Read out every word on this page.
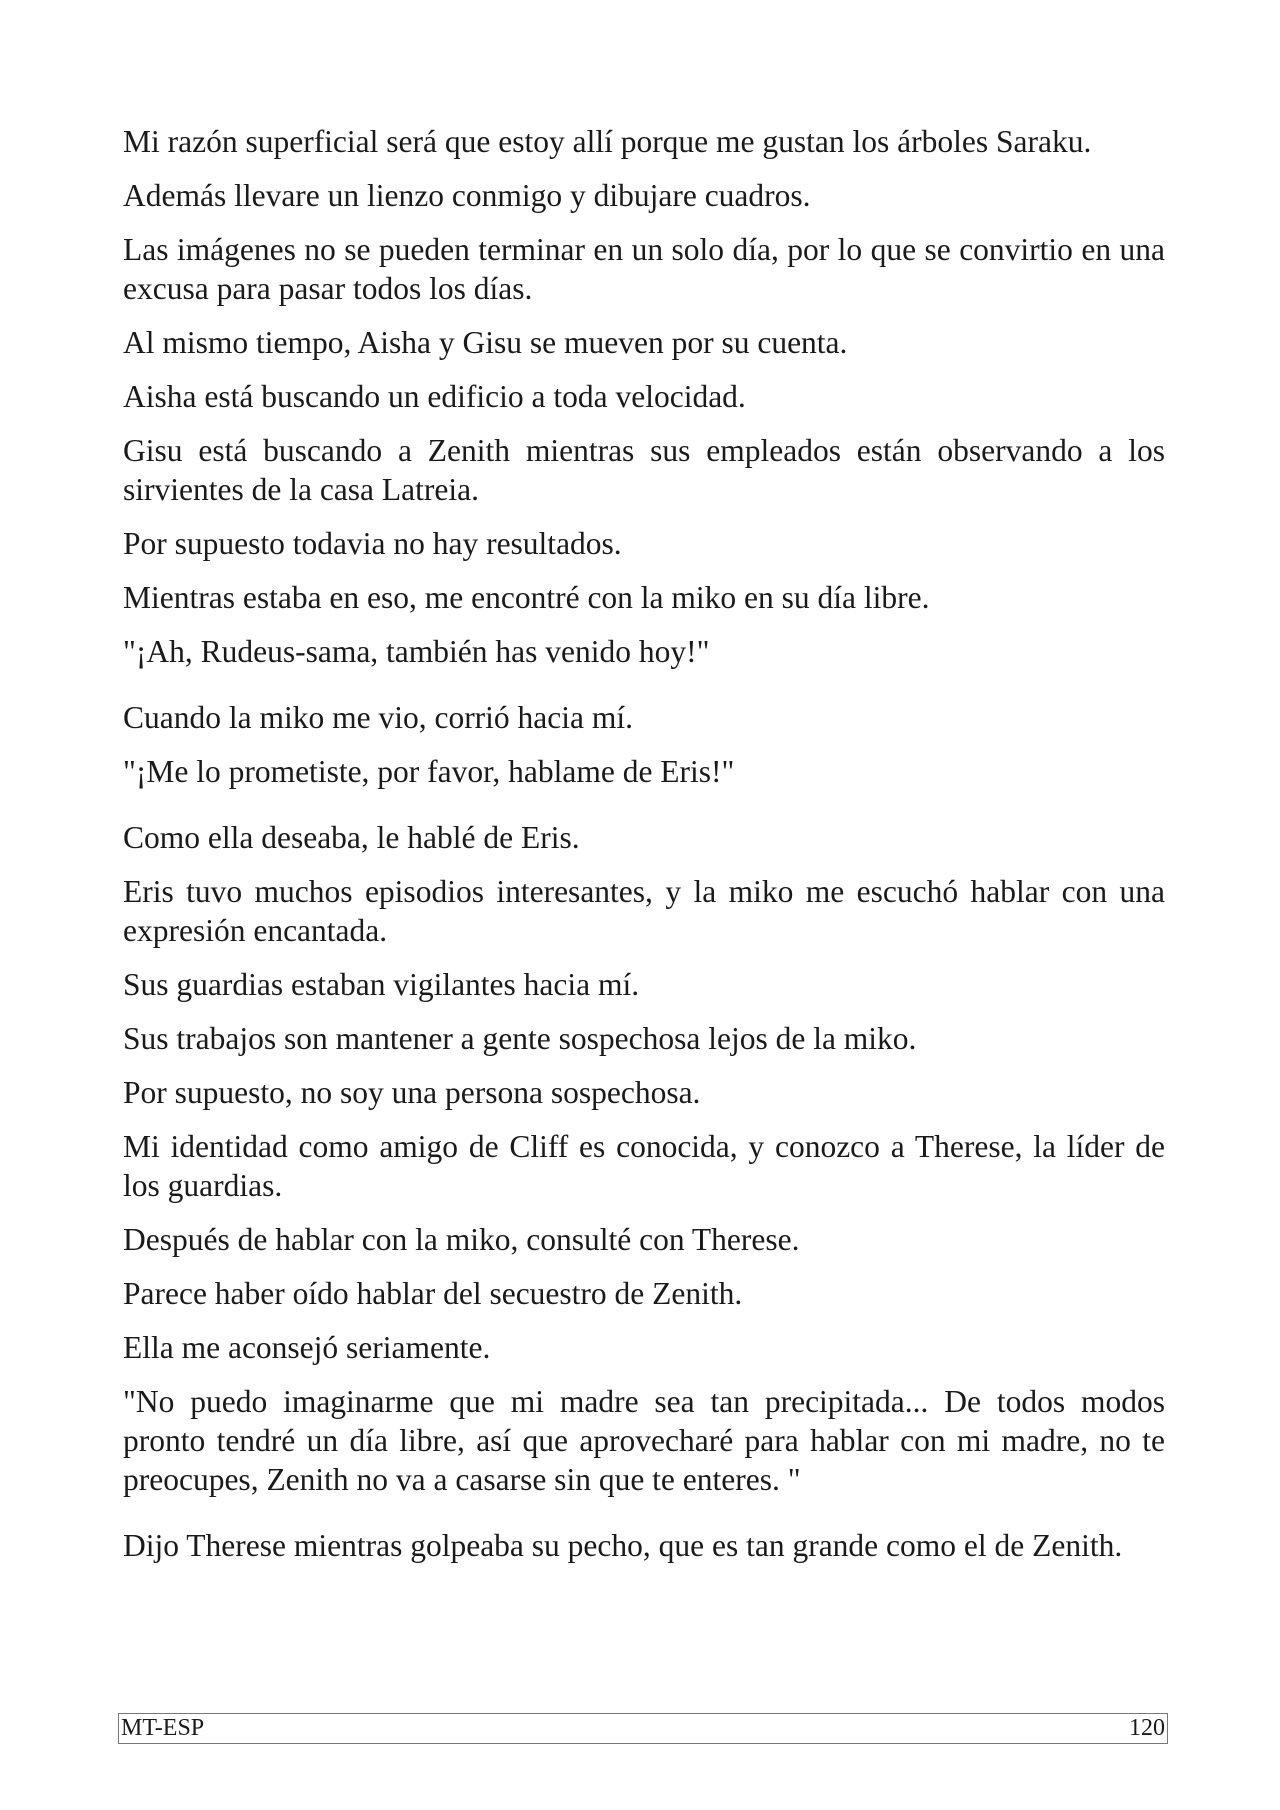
Mi razón superficial será que estoy allí porque me gustan los árboles Saraku.

Además llevare un lienzo conmigo y dibujare cuadros.

Las imágenes no se pueden terminar en un solo día, por lo que se convirtio en una excusa para pasar todos los días.

Al mismo tiempo, Aisha y Gisu se mueven por su cuenta.

Aisha está buscando un edificio a toda velocidad.

Gisu está buscando a Zenith mientras sus empleados están observando a los sirvientes de la casa Latreia.

Por supuesto todavia no hay resultados.

Mientras estaba en eso, me encontré con la miko en su día libre.

"¡Ah, Rudeus-sama, también has venido hoy!"

Cuando la miko me vio, corrió hacia mí.

"¡Me lo prometiste, por favor, hablame de Eris!"

Como ella deseaba, le hablé de Eris.

Eris tuvo muchos episodios interesantes, y la miko me escuchó hablar con una expresión encantada.

Sus guardias estaban vigilantes hacia mí.

Sus trabajos son mantener a gente sospechosa lejos de la miko.

Por supuesto, no soy una persona sospechosa.

Mi identidad como amigo de Cliff es conocida, y conozco a Therese, la líder de los guardias.

Después de hablar con la miko, consulté con Therese.

Parece haber oído hablar del secuestro de Zenith.

Ella me aconsejó seriamente.

"No puedo imaginarme que mi madre sea tan precipitada... De todos modos pronto tendré un día libre, así que aprovecharé para hablar con mi madre, no te preocupes, Zenith no va a casarse sin que te enteres. "

Dijo Therese mientras golpeaba su pecho, que es tan grande como el de Zenith.

MT-ESP	120
